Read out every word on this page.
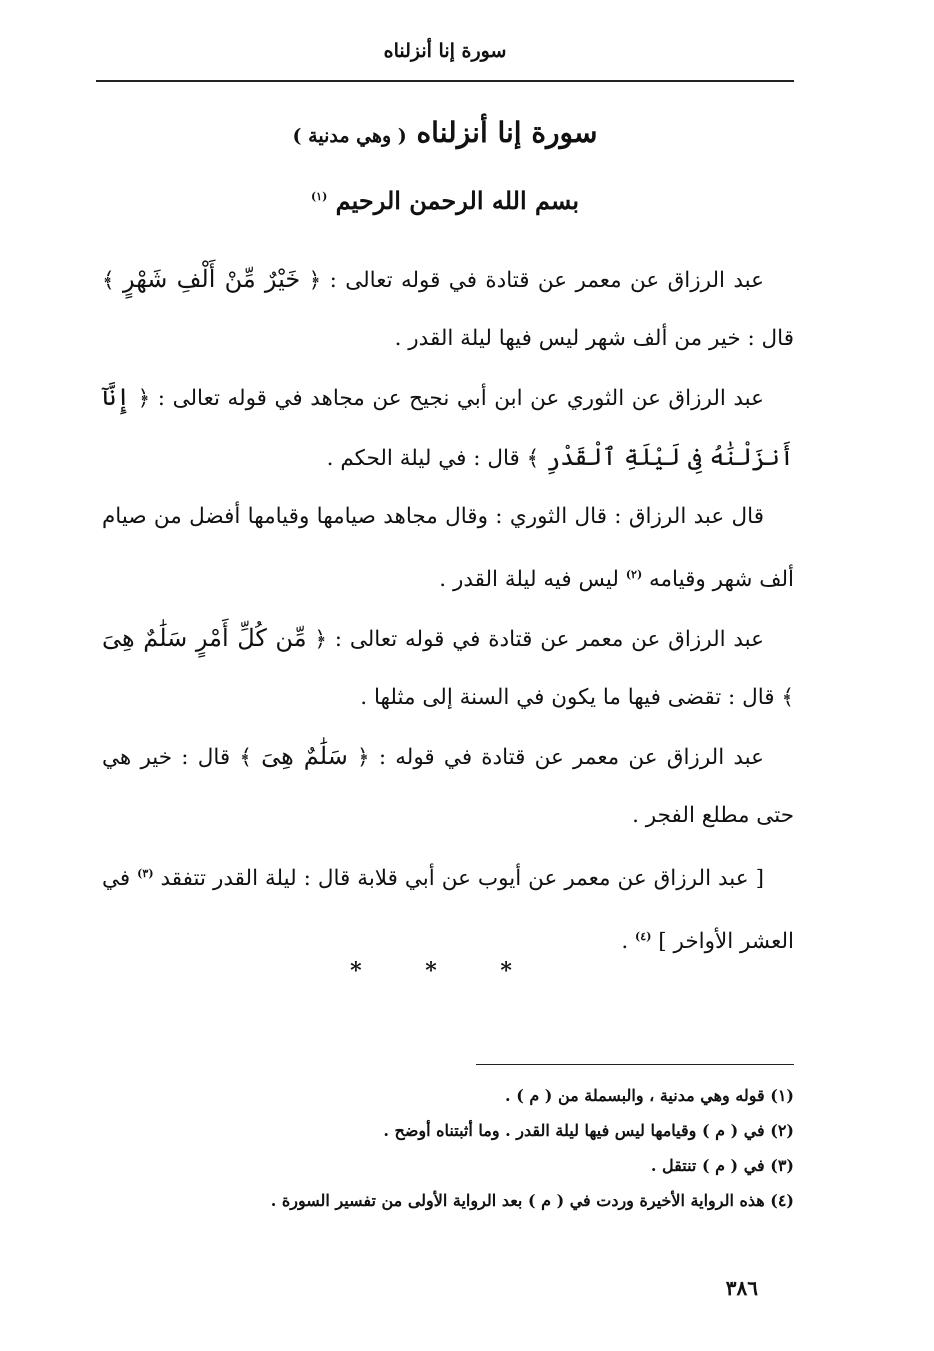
سورة إنا أنزلناه
سورة إنا أنزلناه ( وهي مدنية )
بسم الله الرحمن الرحيم $^{(١)}$

عبد الرزاق عن معمر عن قتادة في قوله تعالى : ﴿ خَيْرٌ مِّنْ أَلْفِ شَهْرٍ ﴾ قال : خير من ألف شهر ليس فيها ليلة القدر .

عبد الرزاق عن الثوري عن ابن أبي نجيح عن مجاهد في قوله تعالى : ﴿ إِنَّآ أَنزَلْنَٰهُ فِى لَيْلَةِ ٱلْقَدْرِ ﴾ قال : في ليلة الحكم .

قال عبد الرزاق : قال الثوري : وقال مجاهد صيامها وقيامها أفضل من صيام ألف شهر وقيامه $^{(٢)}$ ليس فيه ليلة القدر .

عبد الرزاق عن معمر عن قتادة في قوله تعالى : ﴿ مِّن كُلِّ أَمْرٍ سَلَٰمٌ هِىَ ﴾ قال : تقضى فيها ما يكون في السنة إلى مثلها .

عبد الرزاق عن معمر عن قتادة في قوله : ﴿ سَلَٰمٌ هِىَ ﴾ قال : خير هي حتى مطلع الفجر .

[ عبد الرزاق عن معمر عن أيوب عن أبي قلابة قال : ليلة القدر تتفقد $^{(٣)}$ في العشر الأواخر ] $^{(٤)}$ .

* * *
(١) قوله وهي مدنية ، والبسملة من ( م ) .
(٢) في ( م ) وقيامها ليس فيها ليلة القدر . وما أثبتناه أوضح .
(٣) في ( م ) تنتقل .
(٤) هذه الرواية الأخيرة وردت في ( م ) بعد الرواية الأولى من تفسير السورة .
٣٨٦
